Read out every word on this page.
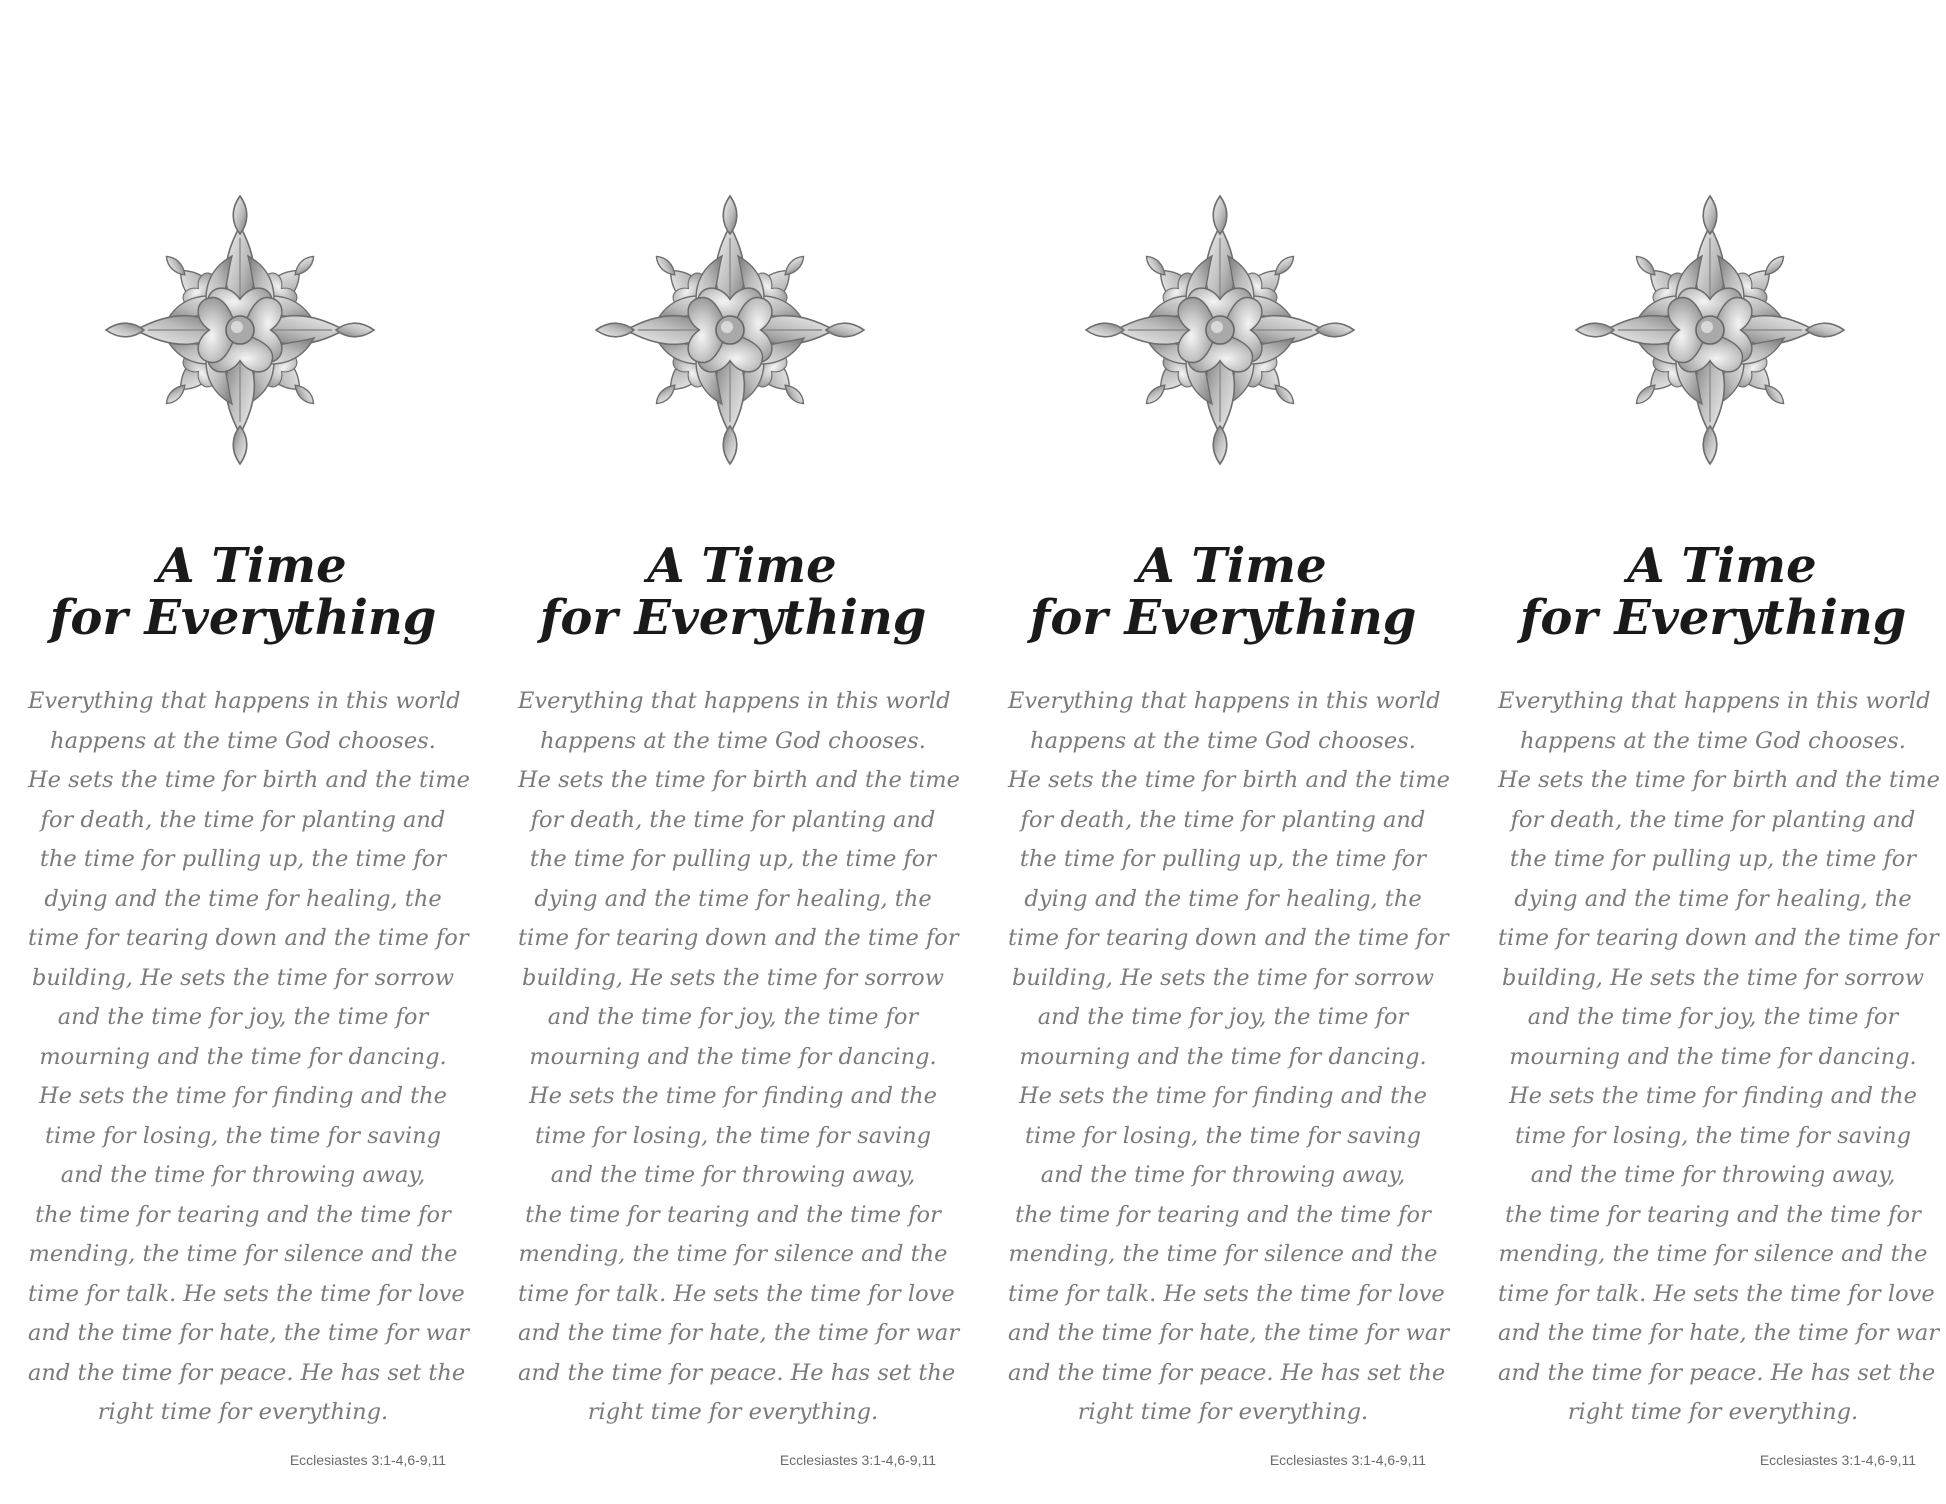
A Time
for Everything
Everything that happens in this world
happens at the time God chooses.
He sets the time for birth and the time
for death, the time for planting and
the time for pulling up, the time for
dying and the time for healing, the
time for tearing down and the time for
building, He sets the time for sorrow
and the time for joy, the time for
mourning and the time for dancing.
He sets the time for finding and the
time for losing, the time for saving
and the time for throwing away,
the time for tearing and the time for
mending, the time for silence and the
time for talk. He sets the time for love
and the time for hate, the time for war
and the time for peace. He has set the
right time for everything.
Ecclesiastes 3:1-4,6-9,11
A Time
for Everything
Everything that happens in this world
happens at the time God chooses.
He sets the time for birth and the time
for death, the time for planting and
the time for pulling up, the time for
dying and the time for healing, the
time for tearing down and the time for
building, He sets the time for sorrow
and the time for joy, the time for
mourning and the time for dancing.
He sets the time for finding and the
time for losing, the time for saving
and the time for throwing away,
the time for tearing and the time for
mending, the time for silence and the
time for talk. He sets the time for love
and the time for hate, the time for war
and the time for peace. He has set the
right time for everything.
Ecclesiastes 3:1-4,6-9,11
A Time
for Everything
Everything that happens in this world
happens at the time God chooses.
He sets the time for birth and the time
for death, the time for planting and
the time for pulling up, the time for
dying and the time for healing, the
time for tearing down and the time for
building, He sets the time for sorrow
and the time for joy, the time for
mourning and the time for dancing.
He sets the time for finding and the
time for losing, the time for saving
and the time for throwing away,
the time for tearing and the time for
mending, the time for silence and the
time for talk. He sets the time for love
and the time for hate, the time for war
and the time for peace. He has set the
right time for everything.
Ecclesiastes 3:1-4,6-9,11
A Time
for Everything
Everything that happens in this world
happens at the time God chooses.
He sets the time for birth and the time
for death, the time for planting and
the time for pulling up, the time for
dying and the time for healing, the
time for tearing down and the time for
building, He sets the time for sorrow
and the time for joy, the time for
mourning and the time for dancing.
He sets the time for finding and the
time for losing, the time for saving
and the time for throwing away,
the time for tearing and the time for
mending, the time for silence and the
time for talk. He sets the time for love
and the time for hate, the time for war
and the time for peace. He has set the
right time for everything.
Ecclesiastes 3:1-4,6-9,11
